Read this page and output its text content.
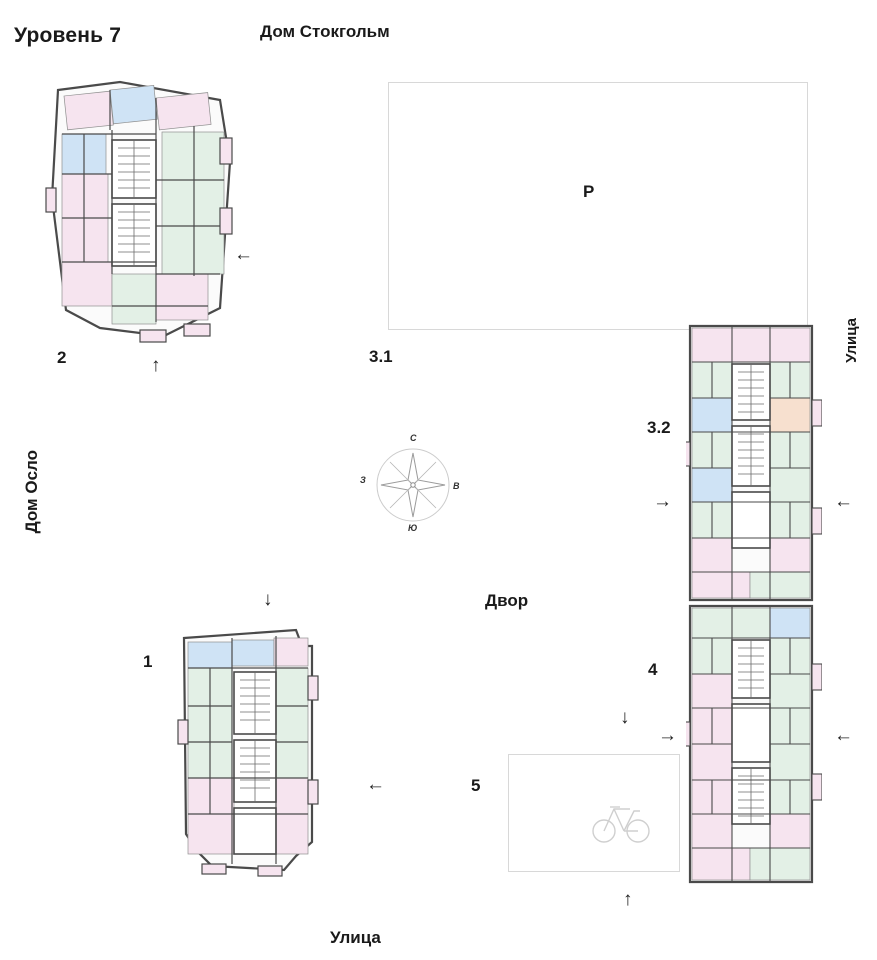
Уровень 7	Дом Стокгольм
Дом Осло
Улица
Улица
Двор
P
3.1
5
С
Ю
З
В
2
←
↑
1
↓
←
3.2
→	←
4
↓
→	←
↑
